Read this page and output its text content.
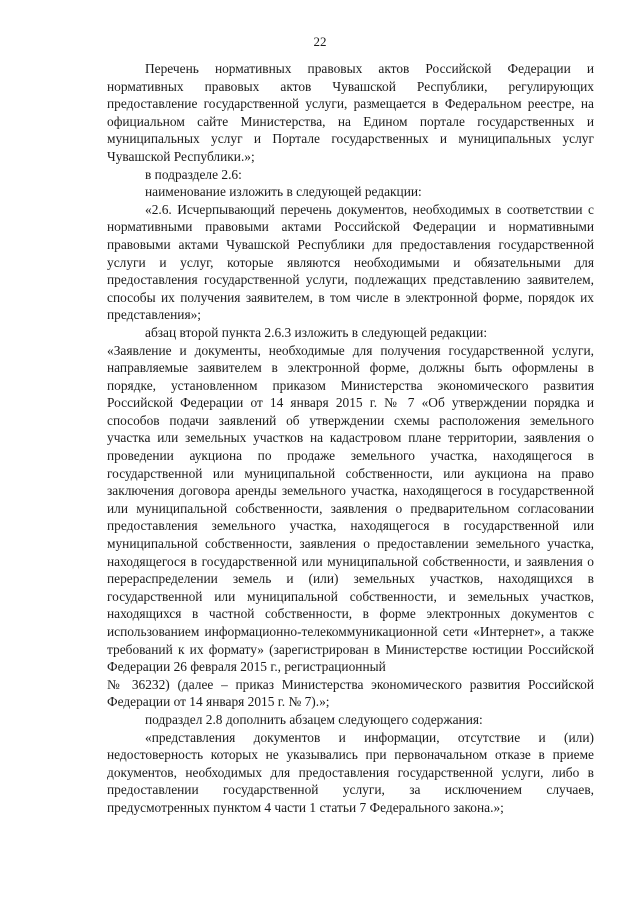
22

Перечень нормативных правовых актов Российской Федерации и нормативных правовых актов Чувашской Республики, регулирующих предоставление государственной услуги, размещается в Федеральном реестре, на официальном сайте Министерства, на Едином портале государственных и муниципальных услуг и Портале государственных и муниципальных услуг Чувашской Республики.»;

в подразделе 2.6:

наименование изложить в следующей редакции:

«2.6. Исчерпывающий перечень документов, необходимых в соответствии с нормативными правовыми актами Российской Федерации и нормативными правовыми актами Чувашской Республики для предоставления государственной услуги и услуг, которые являются необходимыми и обязательными для предоставления государственной услуги, подлежащих представлению заявителем, способы их получения заявителем, в том числе в электронной форме, порядок их представления»;

абзац второй пункта 2.6.3 изложить в следующей редакции:

«Заявление и документы, необходимые для получения государственной услуги, направляемые заявителем в электронной форме, должны быть оформлены в порядке, установленном приказом Министерства экономического развития Российской Федерации от 14 января 2015 г. № 7 «Об утверждении порядка и способов подачи заявлений об утверждении схемы расположения земельного участка или земельных участков на кадастровом плане территории, заявления о проведении аукциона по продаже земельного участка, находящегося в государственной или муниципальной собственности, или аукциона на право заключения договора аренды земельного участка, находящегося в государственной или муниципальной собственности, заявления о предварительном согласовании предоставления земельного участка, находящегося в государственной или муниципальной собственности, заявления о предоставлении земельного участка, находящегося в государственной или муниципальной собственности, и заявления о перераспределении земель и (или) земельных участков, находящихся в государственной или муниципальной собственности, и земельных участков, находящихся в частной собственности, в форме электронных документов с использованием информационно-телекоммуникационной сети «Интернет», а также требований к их формату» (зарегистрирован в Министерстве юстиции Российской Федерации 26 февраля 2015 г., регистрационный

№ 36232) (далее – приказ Министерства экономического развития Российской Федерации от 14 января 2015 г. № 7).»;

подраздел 2.8 дополнить абзацем следующего содержания:

«представления документов и информации, отсутствие и (или) недостоверность которых не указывались при первоначальном отказе в приеме документов, необходимых для предоставления государственной услуги, либо в предоставлении государственной услуги, за исключением случаев, предусмотренных пунктом 4 части 1 статьи 7 Федерального закона.»;
